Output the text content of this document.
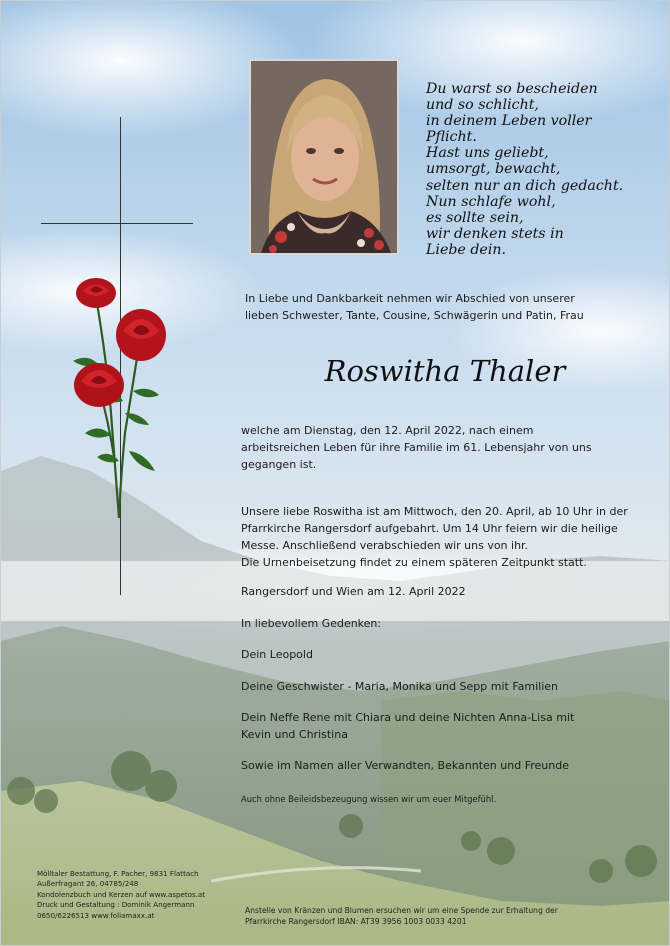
Du warst so bescheiden
und so schlicht,
in deinem Leben voller
Pflicht.
Hast uns geliebt,
umsorgt, bewacht,
selten nur an dich gedacht.
Nun schlafe wohl,
es sollte sein,
wir denken stets in
Liebe dein.
In Liebe und Dankbarkeit nehmen wir Abschied von unserer
lieben Schwester, Tante, Cousine, Schwägerin und Patin, Frau
Roswitha Thaler
welche am Dienstag, den 12. April 2022, nach einem
arbeitsreichen Leben für ihre Familie im 61. Lebensjahr von uns
gegangen ist.
Unsere liebe Roswitha ist am Mittwoch, den 20. April, ab 10 Uhr in der
Pfarrkirche Rangersdorf aufgebahrt. Um 14 Uhr feiern wir die heilige
Messe. Anschließend verabschieden wir uns von ihr.
Die Urnenbeisetzung findet zu einem späteren Zeitpunkt statt.
Rangersdorf und Wien am 12. April 2022
In liebevollem Gedenken:
Dein Leopold
Deine Geschwister - Maria, Monika und Sepp mit Familien
Dein Neffe Rene mit Chiara und deine Nichten Anna-Lisa mit
Kevin und Christina
Sowie im Namen aller Verwandten, Bekannten und Freunde
Auch ohne Beileidsbezeugung wissen wir um euer Mitgefühl.
Mölltaler Bestattung, F. Pacher, 9831 Flattach
Außerfragant 26, 04785/248
Kondolenzbuch und Kerzen auf www.aspetos.at
Druck und Gestaltung : Dominik Angermann
0650/6226513 www.foliamaxx.at
Anstelle von Kränzen und Blumen ersuchen wir um eine Spende zur Erhaltung der
Pfarrkirche Rangersdorf IBAN: AT39 3956 1003 0033 4201
